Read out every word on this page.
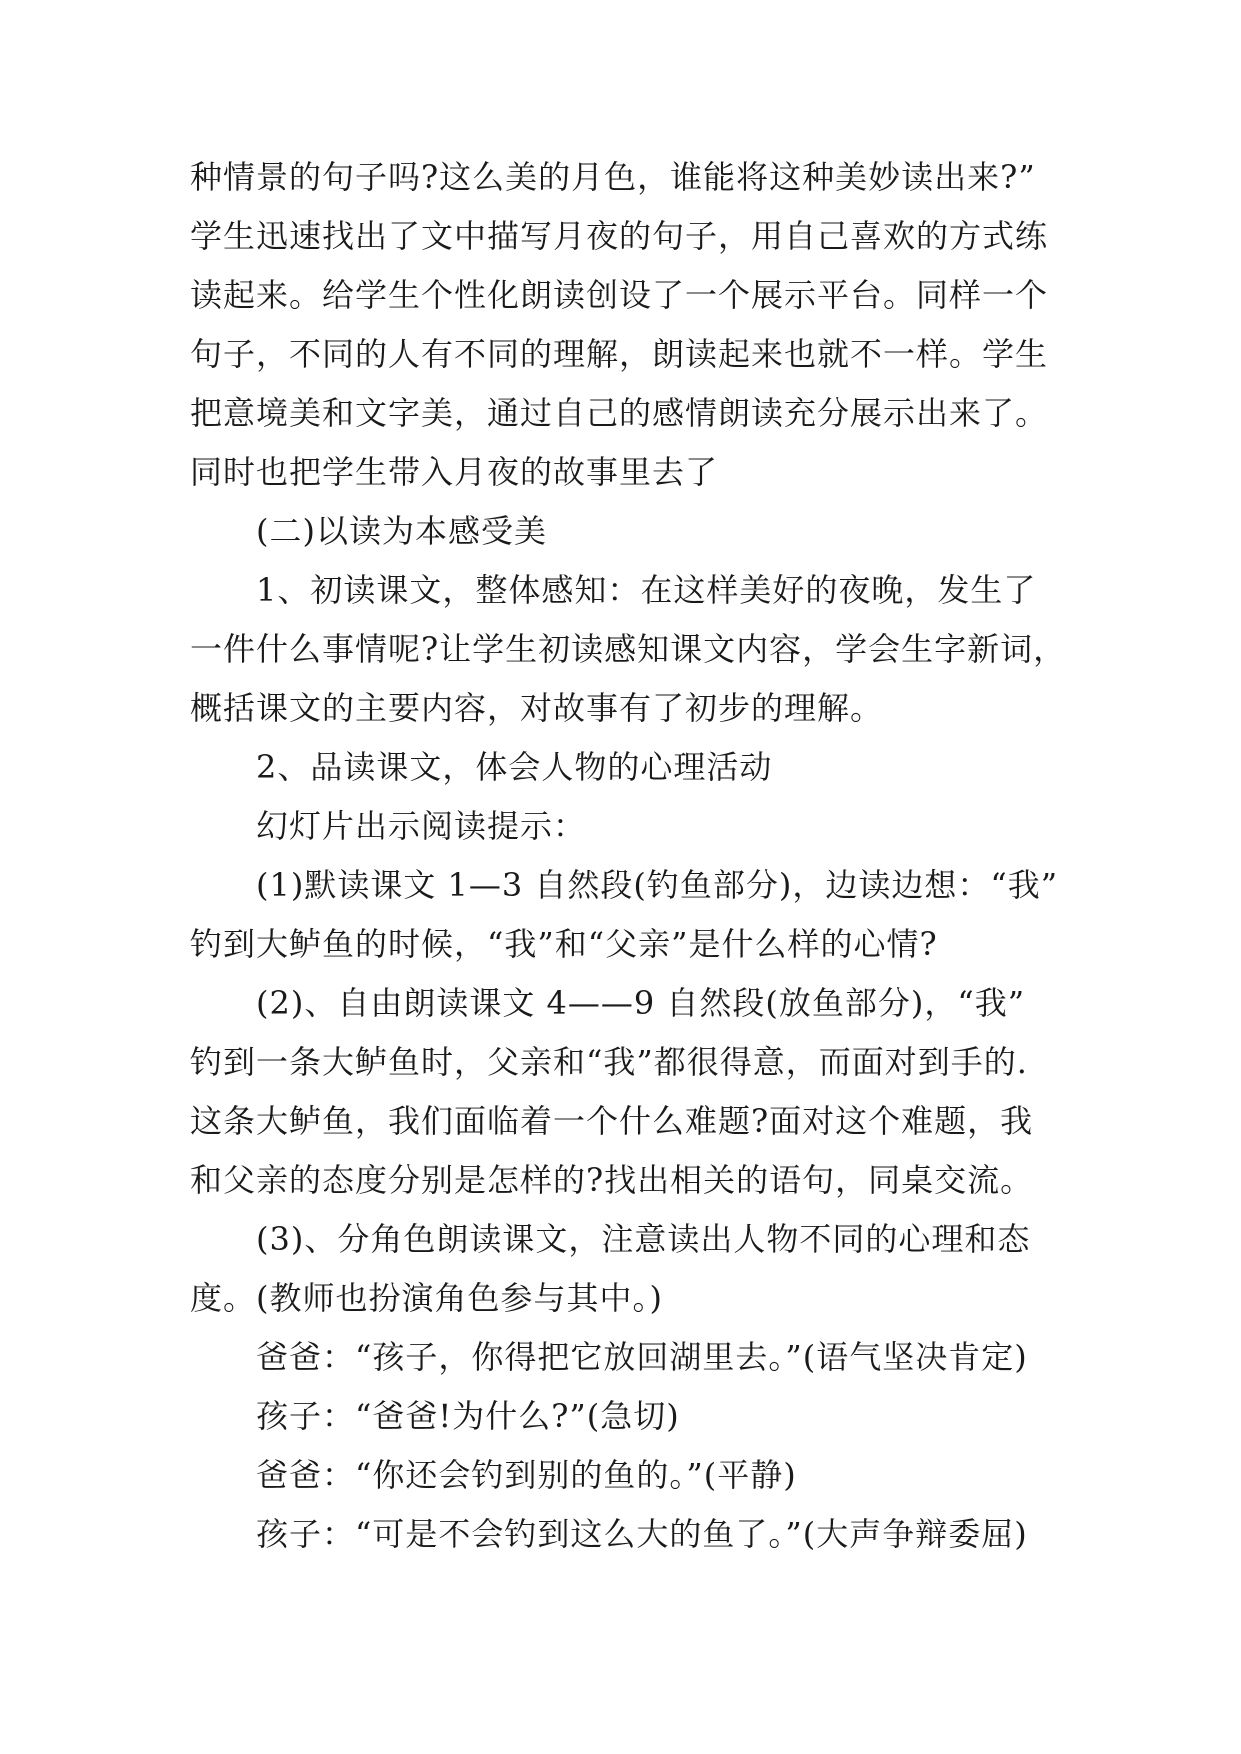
种情景的句子吗?这么美的月色，谁能将这种美妙读出来?”
学生迅速找出了文中描写月夜的句子，用自己喜欢的方式练
读起来。给学生个性化朗读创设了一个展示平台。同样一个
句子，不同的人有不同的理解，朗读起来也就不一样。学生
把意境美和文字美，通过自己的感情朗读充分展示出来了。
同时也把学生带入月夜的故事里去了
(二)以读为本感受美
1、初读课文，整体感知：在这样美好的夜晚，发生了
一件什么事情呢?让学生初读感知课文内容，学会生字新词，
概括课文的主要内容，对故事有了初步的理解。
2、品读课文，体会人物的心理活动
幻灯片出示阅读提示：
(1)默读课文 1—3 自然段(钓鱼部分)，边读边想：“我”
钓到大鲈鱼的时候，“我”和“父亲”是什么样的心情?
(2)、自由朗读课文 4——9 自然段(放鱼部分)，“我”
钓到一条大鲈鱼时，父亲和“我”都很得意，而面对到手的.
这条大鲈鱼，我们面临着一个什么难题?面对这个难题，我
和父亲的态度分别是怎样的?找出相关的语句，同桌交流。
(3)、分角色朗读课文，注意读出人物不同的心理和态
度。(教师也扮演角色参与其中。)
爸爸：“孩子，你得把它放回湖里去。”(语气坚决肯定)
孩子：“爸爸!为什么?”(急切)
爸爸：“你还会钓到别的鱼的。”(平静)
孩子：“可是不会钓到这么大的鱼了。”(大声争辩委屈)
